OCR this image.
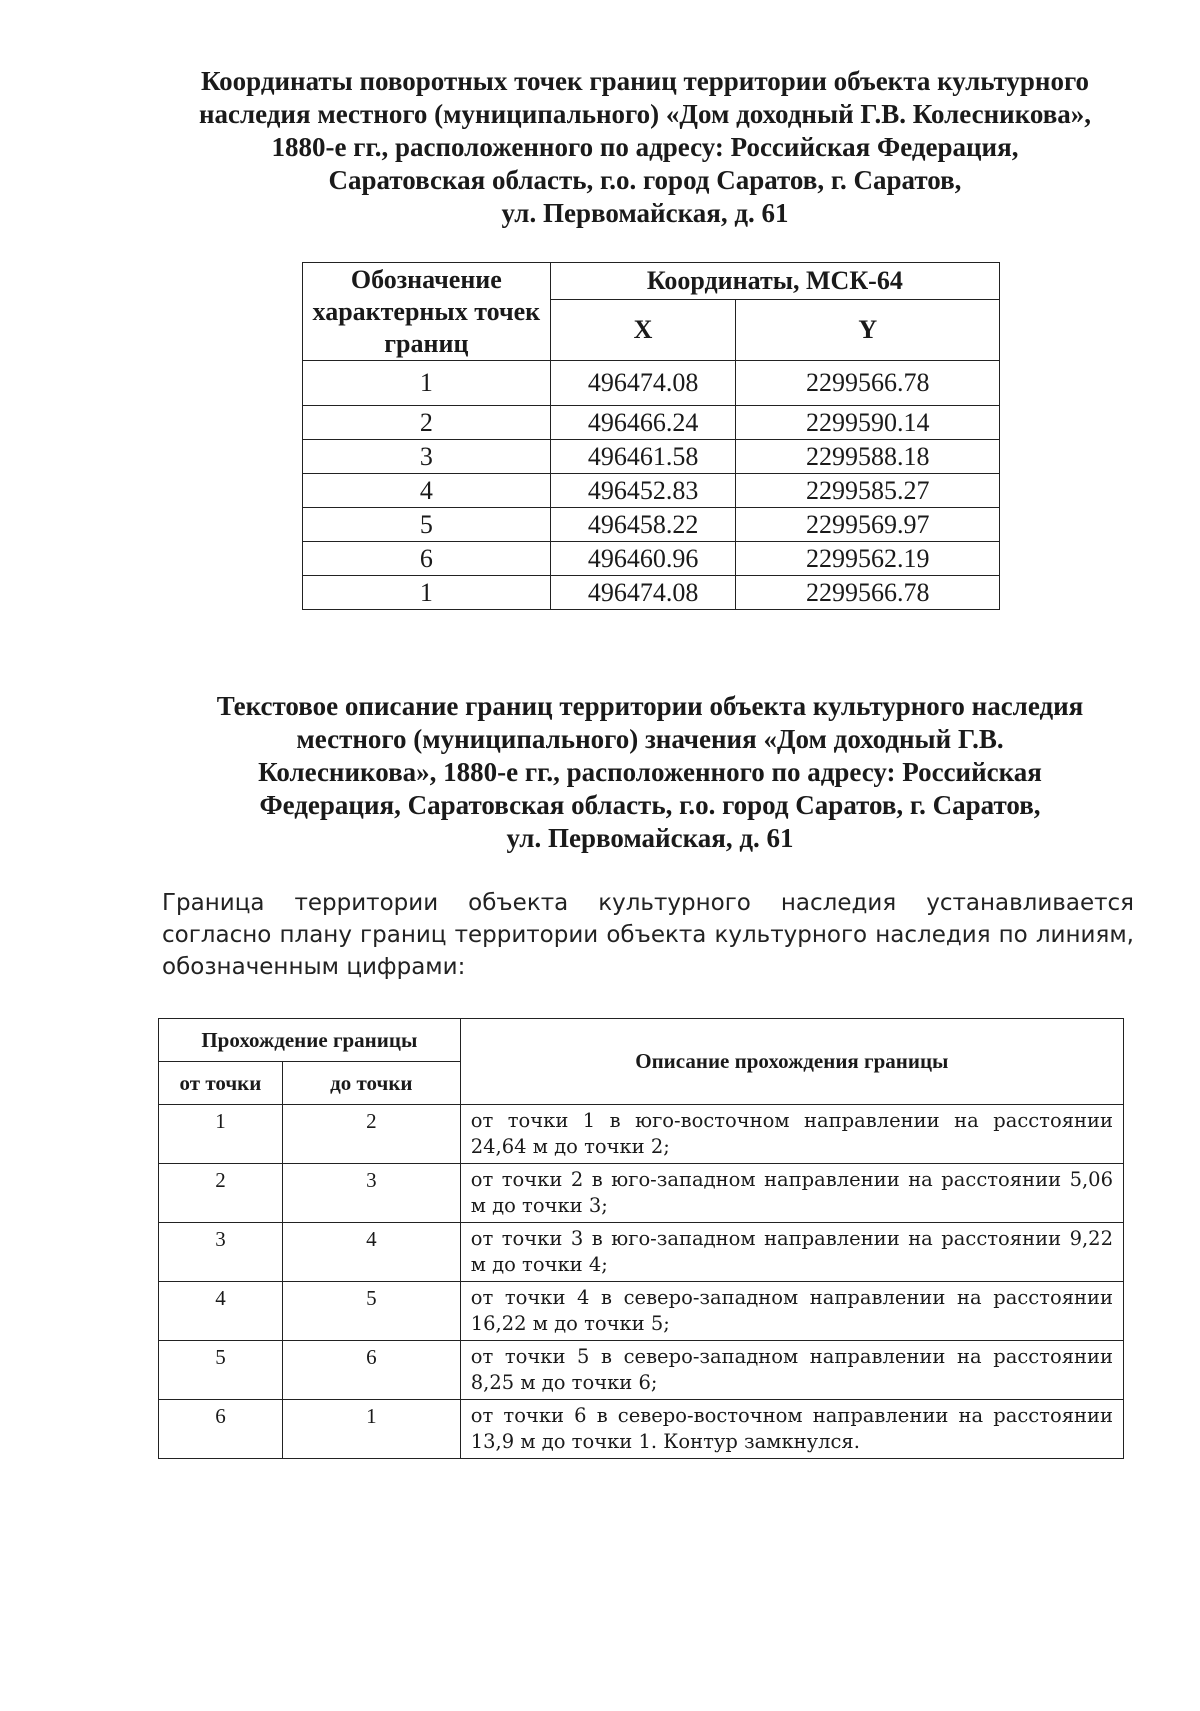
Координаты поворотных точек границ территории объекта культурного
наследия местного (муниципального) «Дом доходный Г.В. Колесникова»,
1880-е гг., расположенного по адресу: Российская Федерация,
Саратовская область, г.о. город Саратов, г. Саратов,
ул. Первомайская, д. 61
Обозначение характерных точек границ	Координаты, МСК-64	
	X	Y
1	496474.08	2299566.78
2	496466.24	2299590.14
3	496461.58	2299588.18
4	496452.83	2299585.27
5	496458.22	2299569.97
6	496460.96	2299562.19
1	496474.08	2299566.78
Текстовое описание границ территории объекта культурного наследия
местного (муниципального) значения «Дом доходный Г.В.
Колесникова», 1880-е гг., расположенного по адресу: Российская
Федерация, Саратовская область, г.о. город Саратов, г. Саратов,
ул. Первомайская, д. 61

Граница территории объекта культурного наследия устанавливается согласно плану границ территории объекта культурного наследия по линиям, обозначенным цифрами:

Прохождение границы		Описание прохождения границы
от точки	до точки	
1	2	от точки 1 в юго-восточном направлении на расстоянии 24,64 м до точки 2;
2	3	от точки 2 в юго-западном направлении на расстоянии 5,06 м до точки 3;
3	4	от точки 3 в юго-западном направлении на расстоянии 9,22 м до точки 4;
4	5	от точки 4 в северо-западном направлении на расстоянии 16,22 м до точки 5;
5	6	от точки 5 в северо-западном направлении на расстоянии 8,25 м до точки 6;
6	1	от точки 6 в северо-восточном направлении на расстоянии 13,9 м до точки 1. Контур замкнулся.
